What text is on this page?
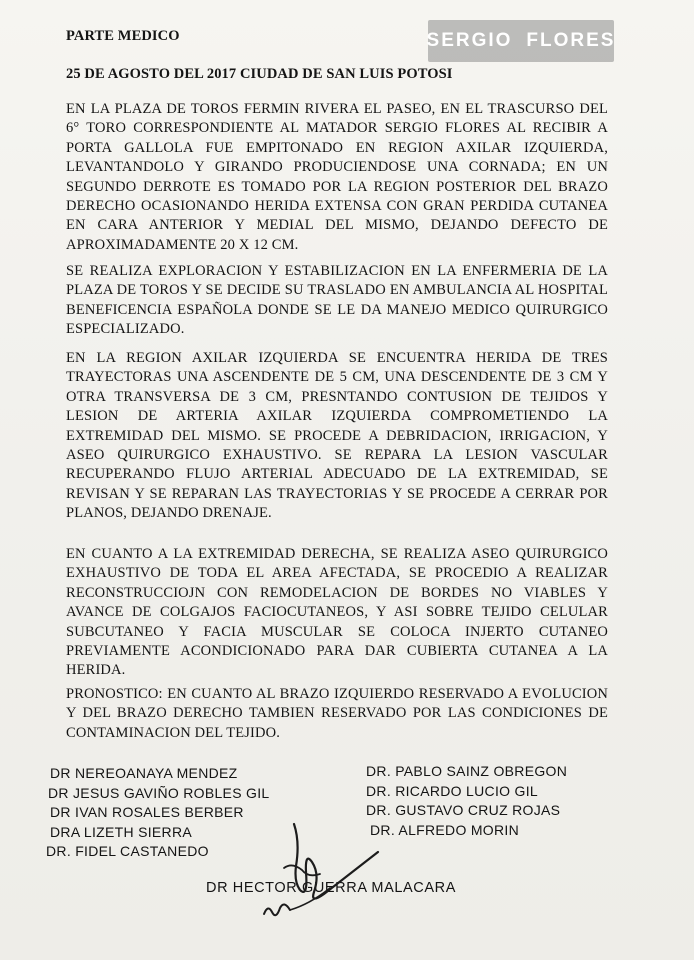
PARTE MEDICO	SERGIO FLORES
25 DE AGOSTO DEL 2017 CIUDAD DE SAN LUIS POTOSI
EN LA PLAZA DE TOROS FERMIN RIVERA EL PASEO, EN EL TRASCURSO DEL 6° TORO CORRESPONDIENTE AL MATADOR SERGIO FLORES AL RECIBIR A PORTA GALLOLA FUE EMPITONADO EN REGION AXILAR IZQUIERDA, LEVANTANDOLO Y GIRANDO PRODUCIENDOSE UNA CORNADA; EN UN SEGUNDO DERROTE ES TOMADO POR LA REGION POSTERIOR DEL BRAZO DERECHO OCASIONANDO HERIDA EXTENSA CON GRAN PERDIDA CUTANEA EN CARA ANTERIOR Y MEDIAL DEL MISMO, DEJANDO DEFECTO DE APROXIMADAMENTE 20 X 12 CM.
SE REALIZA EXPLORACION Y ESTABILIZACION EN LA ENFERMERIA DE LA PLAZA DE TOROS Y SE DECIDE SU TRASLADO EN AMBULANCIA AL HOSPITAL BENEFICENCIA ESPAÑOLA DONDE SE LE DA MANEJO MEDICO QUIRURGICO ESPECIALIZADO.
EN LA REGION AXILAR IZQUIERDA SE ENCUENTRA HERIDA DE TRES TRAYECTORAS UNA ASCENDENTE DE 5 CM, UNA DESCENDENTE DE 3 CM Y OTRA TRANSVERSA DE 3 CM, PRESNTANDO CONTUSION DE TEJIDOS Y LESION DE ARTERIA AXILAR IZQUIERDA COMPROMETIENDO LA EXTREMIDAD DEL MISMO. SE PROCEDE A DEBRIDACION, IRRIGACION, Y ASEO QUIRURGICO EXHAUSTIVO. SE REPARA LA LESION VASCULAR RECUPERANDO FLUJO ARTERIAL ADECUADO DE LA EXTREMIDAD, SE REVISAN Y SE REPARAN LAS TRAYECTORIAS Y SE PROCEDE A CERRAR POR PLANOS, DEJANDO DRENAJE.
EN CUANTO A LA EXTREMIDAD DERECHA, SE REALIZA ASEO QUIRURGICO EXHAUSTIVO DE TODA EL AREA AFECTADA, SE PROCEDIO A REALIZAR RECONSTRUCCIOJN CON REMODELACION DE BORDES NO VIABLES Y AVANCE DE COLGAJOS FACIOCUTANEOS, Y ASI SOBRE TEJIDO CELULAR SUBCUTANEO Y FACIA MUSCULAR SE COLOCA INJERTO CUTANEO PREVIAMENTE ACONDICIONADO PARA DAR CUBIERTA CUTANEA A LA HERIDA.
PRONOSTICO: EN CUANTO AL BRAZO IZQUIERDO RESERVADO A EVOLUCION Y DEL BRAZO DERECHO TAMBIEN RESERVADO POR LAS CONDICIONES DE CONTAMINACION DEL TEJIDO.
DR NEREOANAYA MENDEZ
DR JESUS GAVIÑO ROBLES GIL
DR IVAN ROSALES BERBER
DRA LIZETH SIERRA
DR. FIDEL CASTANEDO
DR. PABLO SAINZ OBREGON
DR. RICARDO LUCIO GIL
DR. GUSTAVO CRUZ ROJAS
DR. ALFREDO MORIN
DR HECTOR GUERRA MALACARA
